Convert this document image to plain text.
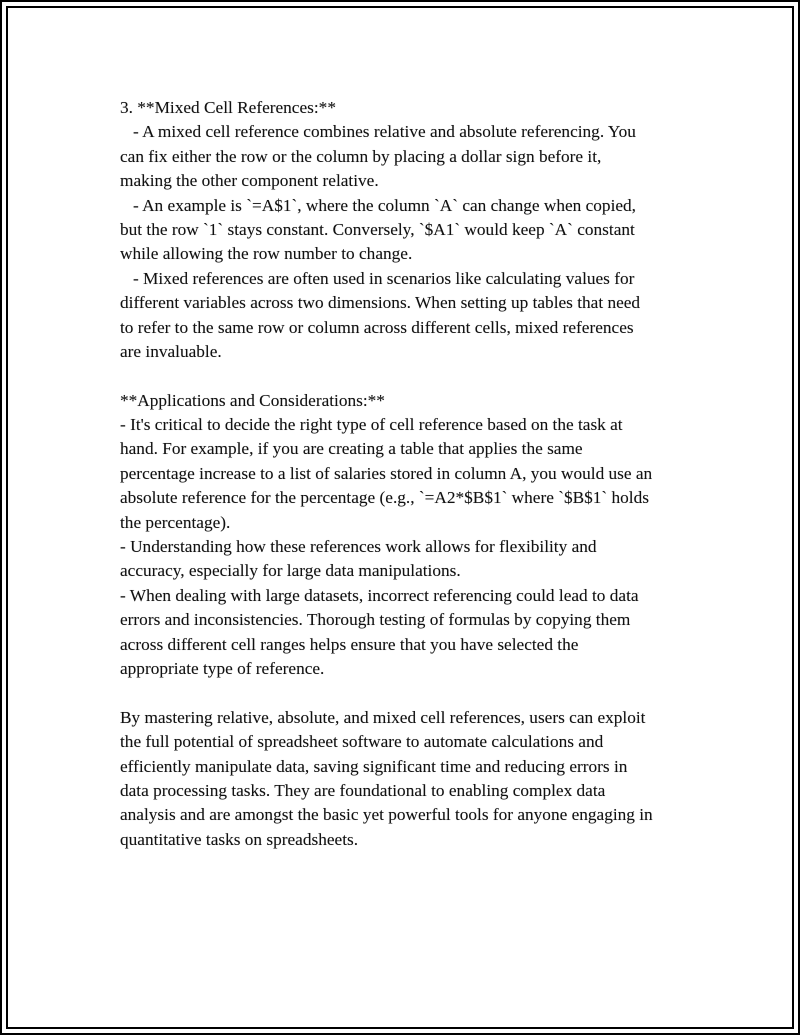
3. **Mixed Cell References:**
- A mixed cell reference combines relative and absolute referencing. You
can fix either the row or the column by placing a dollar sign before it,
making the other component relative.
- An example is `=A$1`, where the column `A` can change when copied,
but the row `1` stays constant. Conversely, `$A1` would keep `A` constant
while allowing the row number to change.
- Mixed references are often used in scenarios like calculating values for
different variables across two dimensions. When setting up tables that need
to refer to the same row or column across different cells, mixed references
are invaluable.
**Applications and Considerations:**
- It's critical to decide the right type of cell reference based on the task at
hand. For example, if you are creating a table that applies the same
percentage increase to a list of salaries stored in column A, you would use an
absolute reference for the percentage (e.g., `=A2*$B$1` where `$B$1` holds
the percentage).
- Understanding how these references work allows for flexibility and
accuracy, especially for large data manipulations.
- When dealing with large datasets, incorrect referencing could lead to data
errors and inconsistencies. Thorough testing of formulas by copying them
across different cell ranges helps ensure that you have selected the
appropriate type of reference.
By mastering relative, absolute, and mixed cell references, users can exploit
the full potential of spreadsheet software to automate calculations and
efficiently manipulate data, saving significant time and reducing errors in
data processing tasks. They are foundational to enabling complex data
analysis and are amongst the basic yet powerful tools for anyone engaging in
quantitative tasks on spreadsheets.
